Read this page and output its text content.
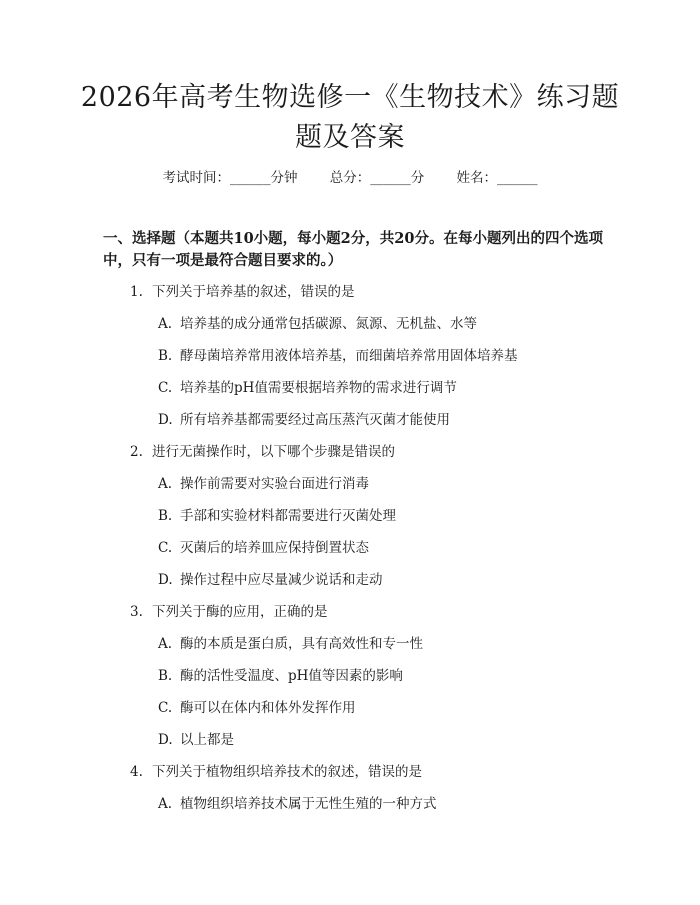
2026年高考生物选修一《生物技术》练习题
题及答案
考试时间：______分钟 总分：______分 姓名：______
一、选择题（本题共10小题，每小题2分，共20分。在每小题列出的四个选项
中，只有一项是最符合题目要求的。）
1. 下列关于培养基的叙述，错误的是
A. 培养基的成分通常包括碳源、氮源、无机盐、水等
B. 酵母菌培养常用液体培养基，而细菌培养常用固体培养基
C. 培养基的pH值需要根据培养物的需求进行调节
D. 所有培养基都需要经过高压蒸汽灭菌才能使用
2. 进行无菌操作时，以下哪个步骤是错误的
A. 操作前需要对实验台面进行消毒
B. 手部和实验材料都需要进行灭菌处理
C. 灭菌后的培养皿应保持倒置状态
D. 操作过程中应尽量减少说话和走动
3. 下列关于酶的应用，正确的是
A. 酶的本质是蛋白质，具有高效性和专一性
B. 酶的活性受温度、pH值等因素的影响
C. 酶可以在体内和体外发挥作用
D. 以上都是
4. 下列关于植物组织培养技术的叙述，错误的是
A. 植物组织培养技术属于无性生殖的一种方式
